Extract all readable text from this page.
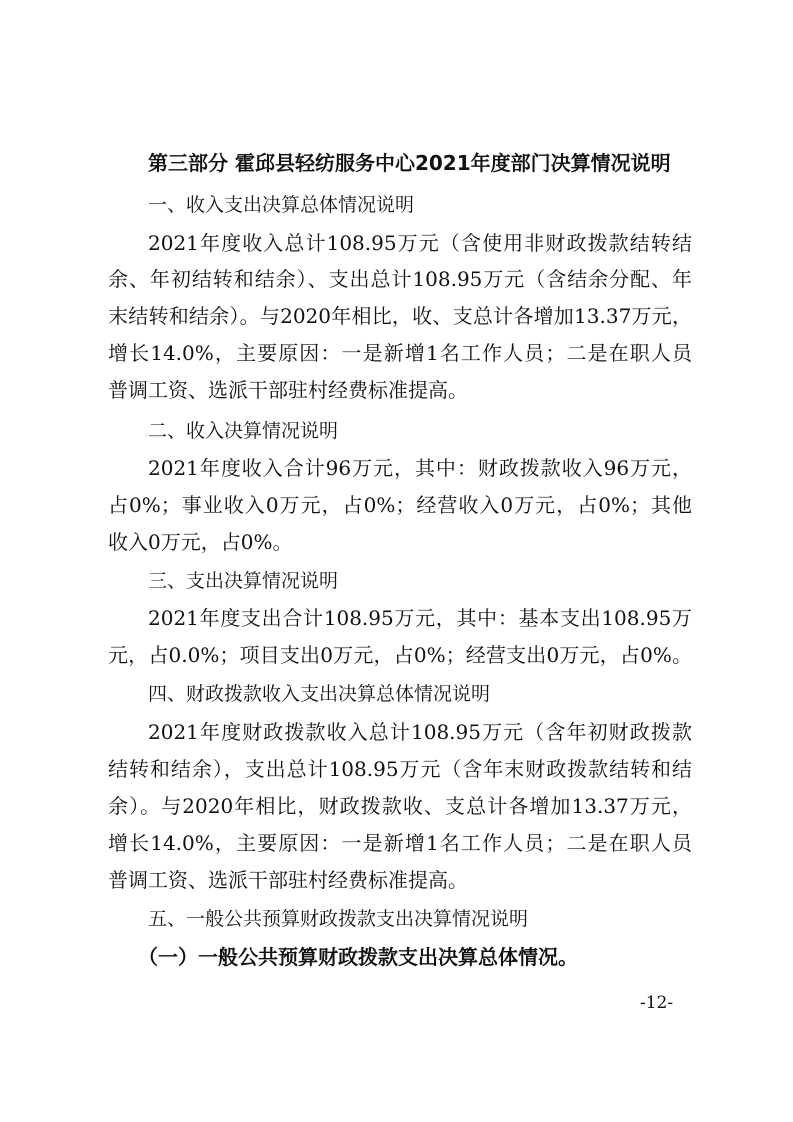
第三部分 霍邱县轻纺服务中心2021年度部门决算情况说明
一、收入支出决算总体情况说明
2021年度收入总计108.95万元（含使用非财政拨款结转结
余、年初结转和结余）、支出总计108.95万元（含结余分配、年
末结转和结余）。与2020年相比，收、支总计各增加13.37万元，
增长14.0%，主要原因：一是新增1名工作人员；二是在职人员
普调工资、选派干部驻村经费标准提高。
二、收入决算情况说明
2021年度收入合计96万元，其中：财政拨款收入96万元，
占0%；事业收入0万元，占0%；经营收入0万元，占0%；其他
收入0万元，占0%。
三、支出决算情况说明
2021年度支出合计108.95万元，其中：基本支出108.95万
元，占0.0%；项目支出0万元，占0%；经营支出0万元，占0%。
四、财政拨款收入支出决算总体情况说明
2021年度财政拨款收入总计108.95万元（含年初财政拨款
结转和结余），支出总计108.95万元（含年末财政拨款结转和结
余）。与2020年相比，财政拨款收、支总计各增加13.37万元，
增长14.0%，主要原因：一是新增1名工作人员；二是在职人员
普调工资、选派干部驻村经费标准提高。
五、一般公共预算财政拨款支出决算情况说明
（一）一般公共预算财政拨款支出决算总体情况。
-12-
